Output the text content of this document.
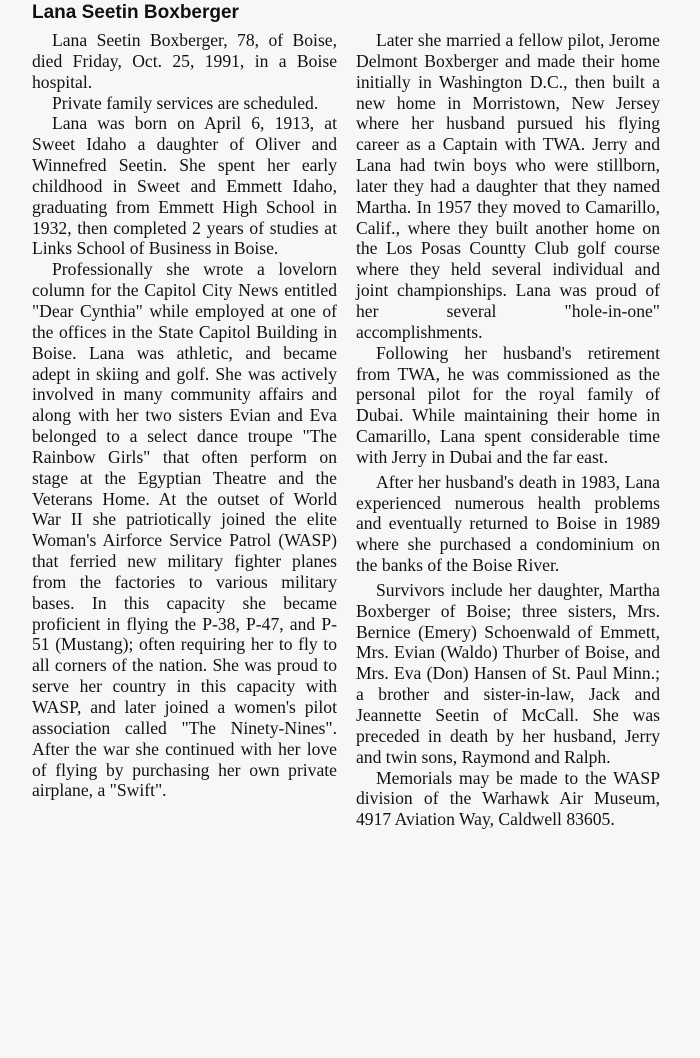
Lana Seetin Boxberger

Lana Seetin Boxberger, 78, of Boise, died Friday, Oct. 25, 1991, in a Boise hospital.

Private family services are scheduled.

Lana was born on April 6, 1913, at Sweet Idaho a daughter of Oliver and Winnefred Seetin. She spent her early childhood in Sweet and Emmett Idaho, graduating from Emmett High School in 1932, then completed 2 years of studies at Links School of Business in Boise.

Professionally she wrote a lovelorn column for the Capitol City News entitled "Dear Cynthia" while employed at one of the offices in the State Capitol Building in Boise. Lana was athletic, and became adept in skiing and golf. She was actively involved in many community affairs and along with her two sisters Evian and Eva belonged to a select dance troupe "The Rainbow Girls" that often perform on stage at the Egyptian Theatre and the Veterans Home. At the outset of World War II she patriotically joined the elite Woman's Airforce Service Patrol (WASP) that ferried new military fighter planes from the factories to various military bases. In this capacity she became proficient in flying the P-38, P-47, and P-51 (Mustang); often requiring her to fly to all corners of the nation. She was proud to serve her country in this capacity with WASP, and later joined a women's pilot association called "The Ninety-Nines". After the war she continued with her love of flying by purchasing her own private airplane, a "Swift".

Later she married a fellow pilot, Jerome Delmont Boxberger and made their home initially in Washington D.C., then built a new home in Morristown, New Jersey where her husband pursued his flying career as a Captain with TWA. Jerry and Lana had twin boys who were stillborn, later they had a daughter that they named Martha. In 1957 they moved to Camarillo, Calif., where they built another home on the Los Posas Countty Club golf course where they held several individual and joint championships. Lana was proud of her several "hole-in-one" accomplishments.

Following her husband's retirement from TWA, he was commissioned as the personal pilot for the royal family of Dubai. While maintaining their home in Camarillo, Lana spent considerable time with Jerry in Dubai and the far east.

After her husband's death in 1983, Lana experienced numerous health problems and eventually returned to Boise in 1989 where she purchased a condominium on the banks of the Boise River.

Survivors include her daughter, Martha Boxberger of Boise; three sisters, Mrs. Bernice (Emery) Schoenwald of Emmett, Mrs. Evian (Waldo) Thurber of Boise, and Mrs. Eva (Don) Hansen of St. Paul Minn.; a brother and sister-in-law, Jack and Jeannette Seetin of McCall. She was preceded in death by her husband, Jerry and twin sons, Raymond and Ralph.

Memorials may be made to the WASP division of the Warhawk Air Museum, 4917 Aviation Way, Caldwell 83605.
